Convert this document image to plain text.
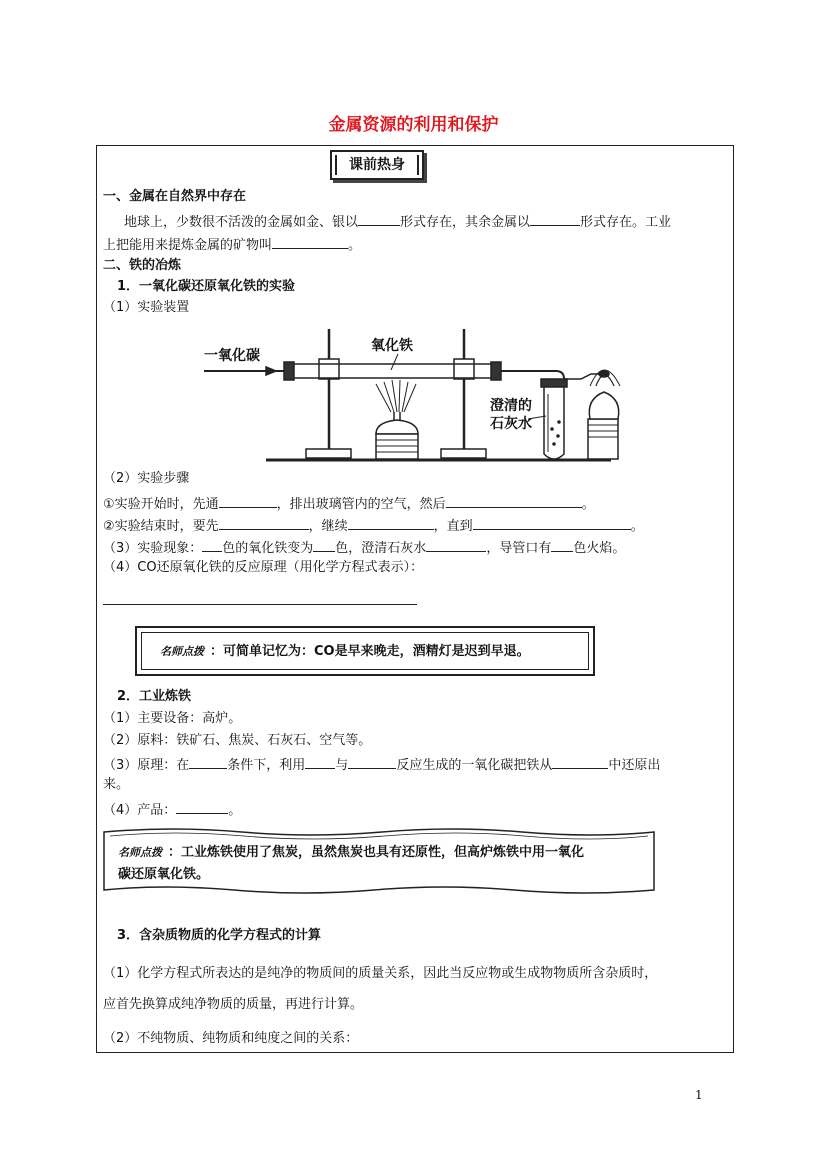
金属资源的利用和保护
课前热身
一、金属在自然界中存在
地球上，少数很不活泼的金属如金、银以	形式存在，其余金属以	形式存在。工业
上把能用来提炼金属的矿物叫	。
二、铁的冶炼
1．一氧化碳还原氧化铁的实验
（1）实验装置
一氧化碳
氧化铁
澄清的
石灰水
（2）实验步骤
①实验开始时，先通	，排出玻璃管内的空气，然后	。
②实验结束时，要先	，继续	，直到	。
（3）实验现象： 色的氧化铁变为 色，澄清石灰水	，导管口有 色火焰。
（4）CO还原氧化铁的反应原理（用化学方程式表示）：
名师点拨 ：可简单记忆为：CO是早来晚走，酒精灯是迟到早退。
2．工业炼铁
（1）主要设备：高炉。
（2）原料：铁矿石、焦炭、石灰石、空气等。
（3）原理：在	条件下，利用 与	反应生成的一氧化碳把铁从	中还原出
来。
（4）产品：	。
名师点拨 ：工业炼铁使用了焦炭，虽然焦炭也具有还原性，但高炉炼铁中用一氧化
碳还原氧化铁。
3．含杂质物质的化学方程式的计算
（1）化学方程式所表达的是纯净的物质间的质量关系，因此当反应物或生成物物质所含杂质时，
应首先换算成纯净物质的质量，再进行计算。
（2）不纯物质、纯物质和纯度之间的关系：
1
